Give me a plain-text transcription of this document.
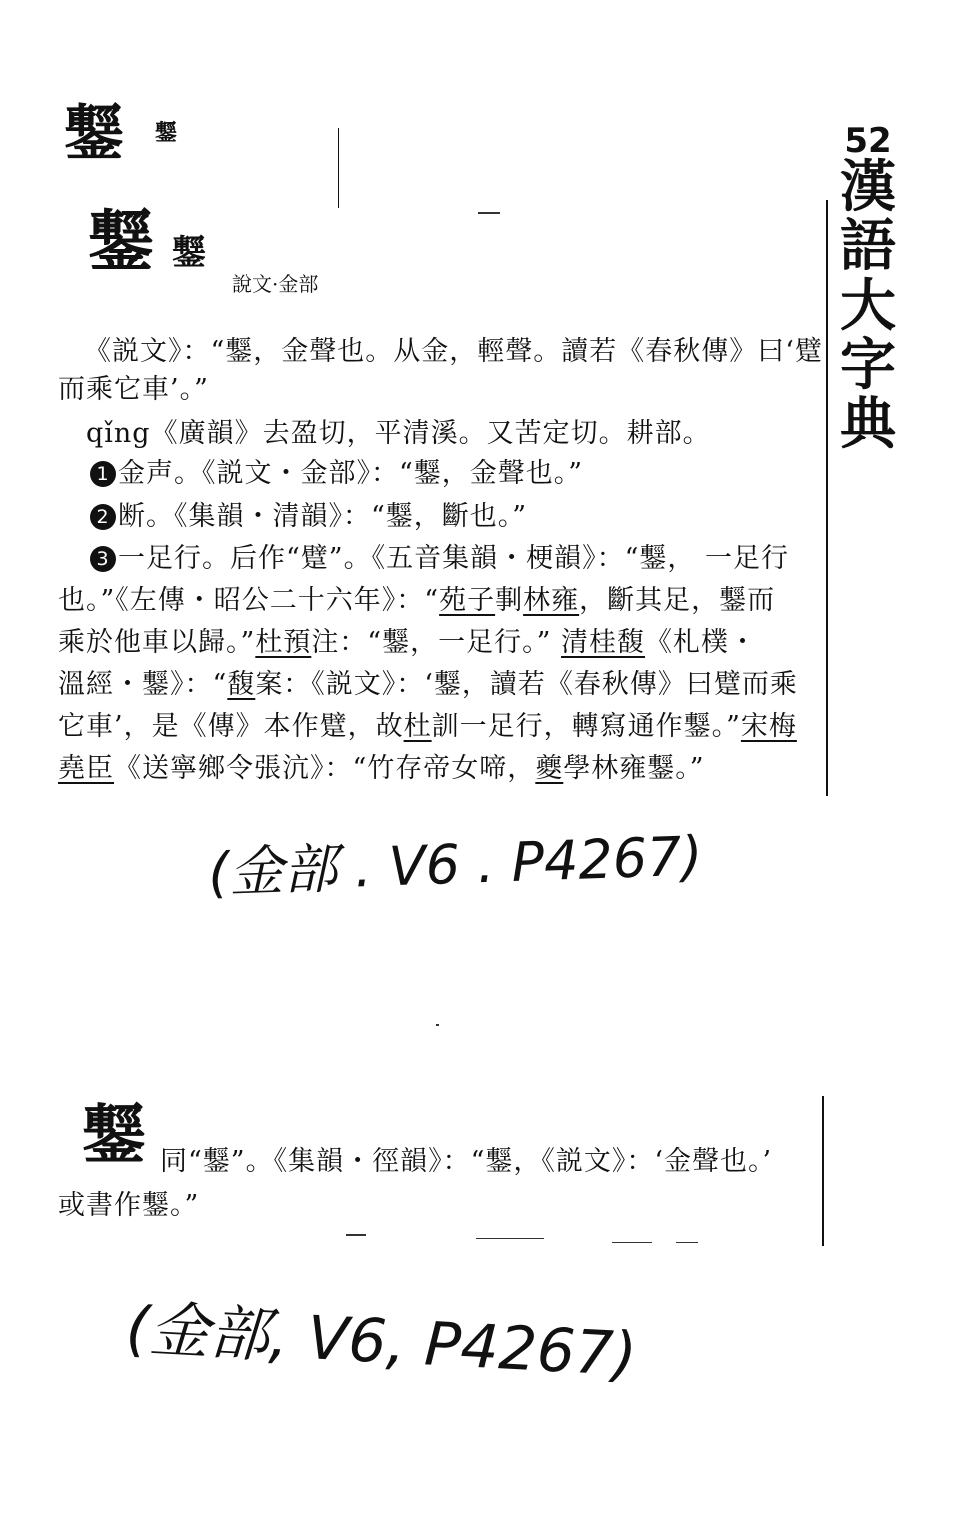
鑋 鑋
鑋 鑋
說文·金部
《説文》：“鑋，金聲也。从金，輕聲。讀若《春秋傳》曰‘躄
而乘它車’。”
qǐng《廣韻》去盈切，平清溪。又苦定切。耕部。
1 金声。《説文・金部》：“鑋，金聲也。”
2 断。《集韻・清韻》：“鑋，斷也。”
3 一足行。后作“躄”。《五音集韻・梗韻》：“鑋， 一足行
也。”《左傳・昭公二十六年》：“苑子剚林雍，斷其足，鑋而
乘於他車以歸。”杜預注：“鑋，一足行。” 清桂馥《札樸・
溫經・鑋》：“馥案：《説文》：‘鑋，讀若《春秋傳》曰躄而乘
它車’，是《傳》本作躄，故杜訓一足行，轉寫通作鑋。”宋梅
堯臣《送寧鄉令張沆》：“竹存帝女啼，夔學林雍鑋。”
52
漢
語
大
字
典
(金部 . V6 . P4267)
鑋 同“鑋”。《集韻・徑韻》：“鑋，《説文》：‘金聲也。’
或書作鑋。”
(金部, V6, P4267)
